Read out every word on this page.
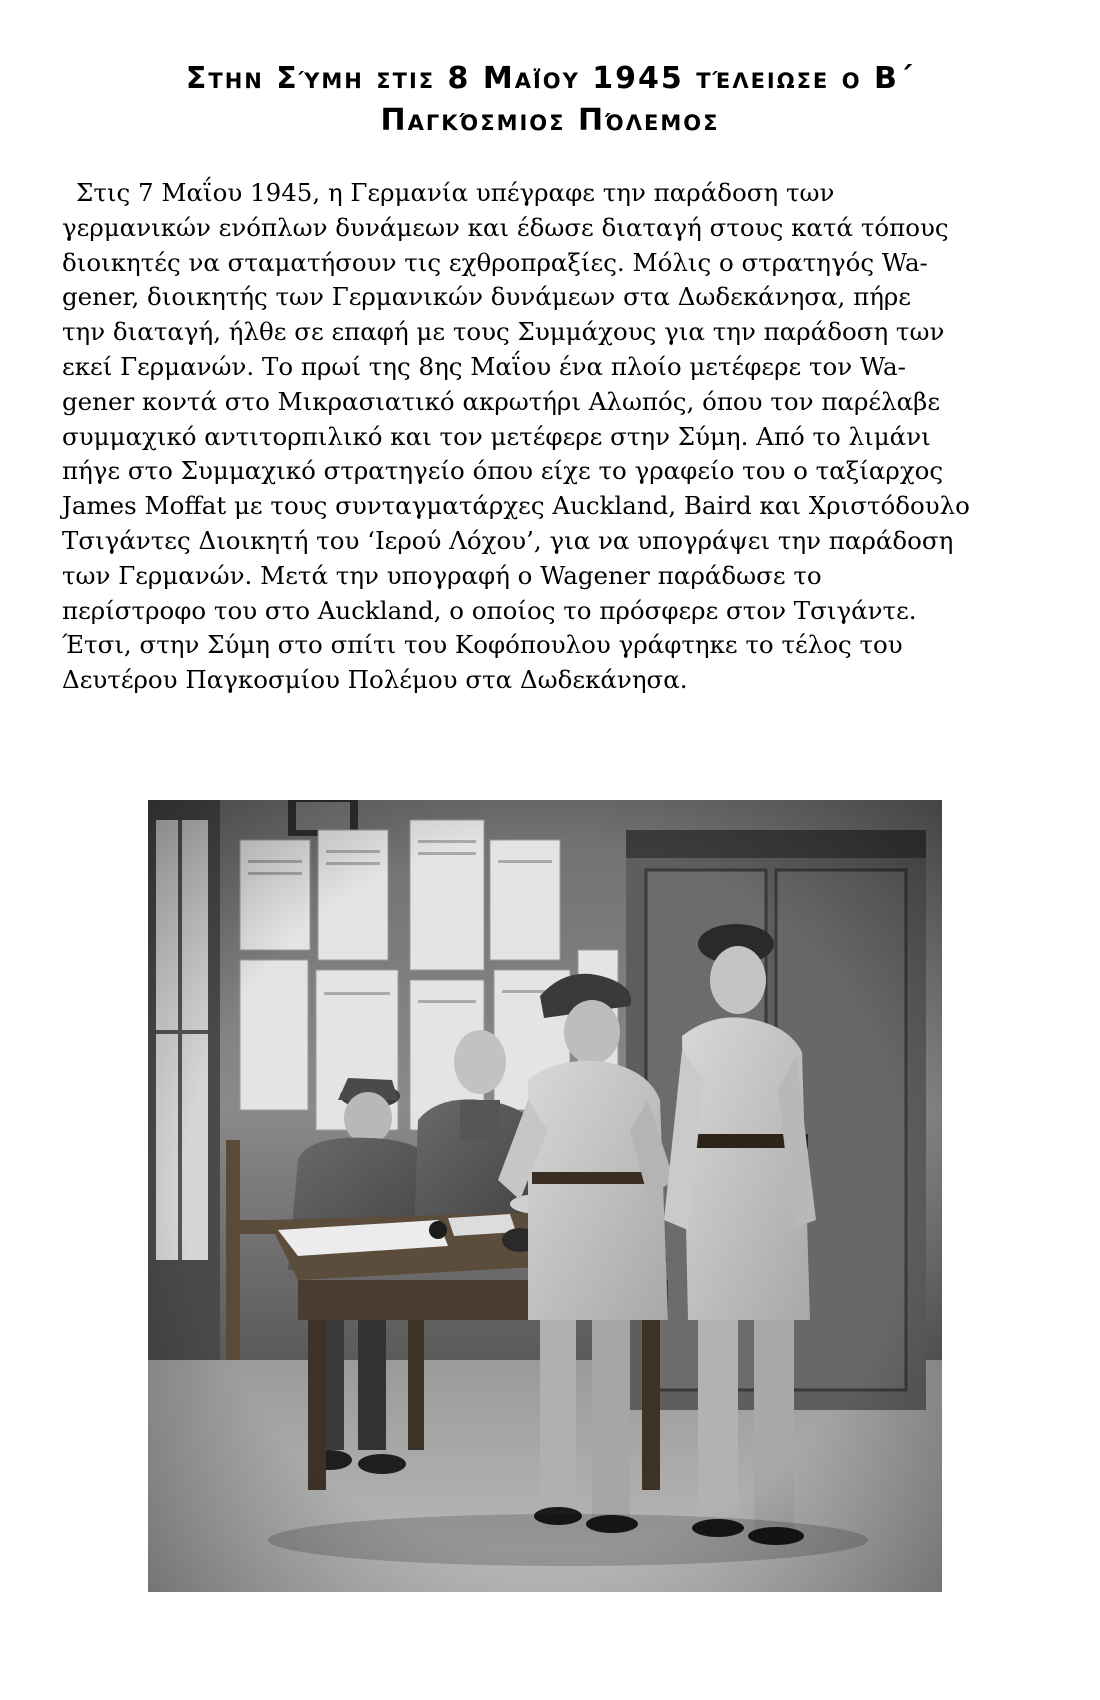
Στην Σύμη στις 8 Μαΐου 1945 τέλειωσε ο Β΄
Παγκόσμιος Πόλεμος

Στις 7 Μαΐου 1945, η Γερμανία υπέγραφε την παράδοση των
γερμανικών ενόπλων δυνάμεων και έδωσε διαταγή στους κατά τόπους
διοικητές να σταματήσουν τις εχθροπραξίες. Μόλις ο στρατηγός Wa-
gener, διοικητής των Γερμανικών δυνάμεων στα Δωδεκάνησα, πήρε
την διαταγή, ήλθε σε επαφή με τους Συμμάχους για την παράδοση των
εκεί Γερμανών. Το πρωί της 8ης Μαΐου ένα πλοίο μετέφερε τον Wa-
gener κοντά στο Μικρασιατικό ακρωτήρι Αλωπός, όπου τον παρέλαβε
συμμαχικό αντιτορπιλικό και τον μετέφερε στην Σύμη. Από το λιμάνι
πήγε στο Συμμαχικό στρατηγείο όπου είχε το γραφείο του ο ταξίαρχος
James Moffat με τους συνταγματάρχες Auckland, Baird και Χριστόδουλο
Τσιγάντες Διοικητή του ‘Ιερού Λόχου’, για να υπογράψει την παράδοση
των Γερμανών. Μετά την υπογραφή ο Wagener παράδωσε το
περίστροφο του στο Auckland, ο οποίος το πρόσφερε στον Τσιγάντε.
Έτσι, στην Σύμη στο σπίτι του Κοφόπουλου γράφτηκε το τέλος του
Δευτέρου Παγκοσμίου Πολέμου στα Δωδεκάνησα.
